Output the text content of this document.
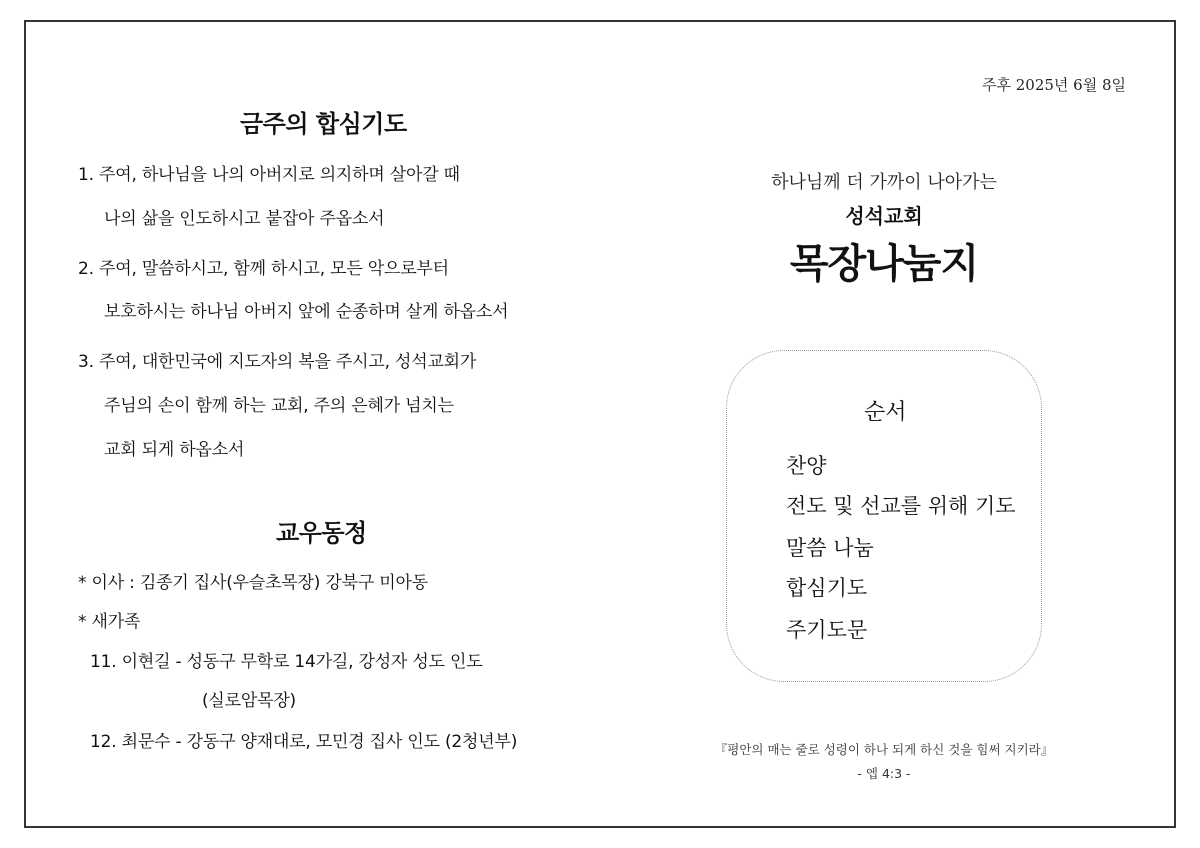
금주의 합심기도
1. 주여, 하나님을 나의 아버지로 의지하며 살아갈 때
나의 삶을 인도하시고 붙잡아 주옵소서
2. 주여, 말씀하시고, 함께 하시고, 모든 악으로부터
보호하시는 하나님 아버지 앞에 순종하며 살게 하옵소서
3. 주여, 대한민국에 지도자의 복을 주시고, 성석교회가
주님의 손이 함께 하는 교회, 주의 은혜가 넘치는
교회 되게 하옵소서
교우동정
* 이사 : 김종기 집사(우슬초목장) 강북구 미아동
* 새가족
11. 이현길 - 성동구 무학로 14가길, 강성자 성도 인도
(실로암목장)
12. 최문수 - 강동구 양재대로, 모민경 집사 인도 (2청년부)
주후 2025년 6월 8일
하나님께 더 가까이 나아가는
성석교회
목장나눔지
순서
찬양
전도 및 선교를 위해 기도
말씀 나눔
합심기도
주기도문
『평안의 매는 줄로 성령이 하나 되게 하신 것을 힘써 지키라』
- 엡 4:3 -
